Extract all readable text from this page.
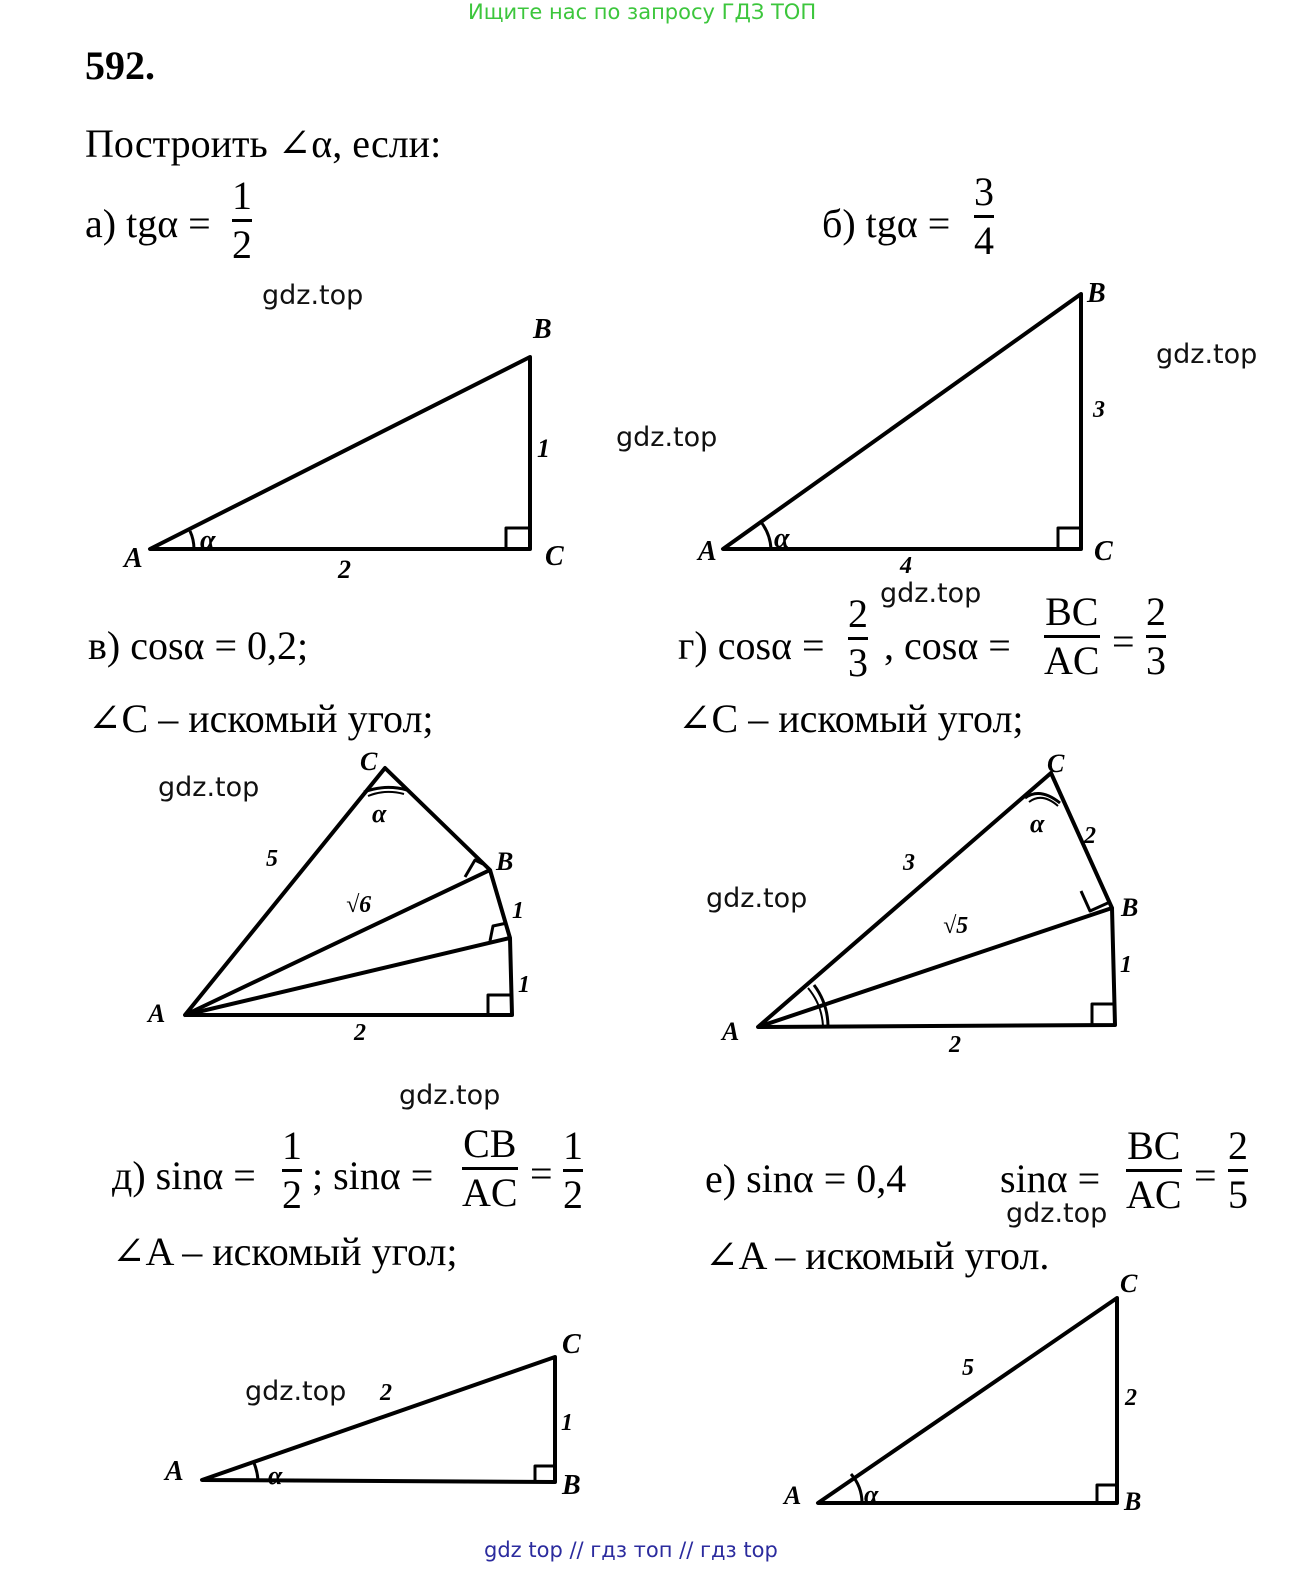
Ищите нас по запросу ГДЗ ТОП
592.
Построить ∠α, если:
а) tgα =
1
2	б) tgα =
3
4
в) cosα = 0,2;
∠C – искомый угол;
г) cosα =
2
3 , cosα =
BC
AC =
2
3
∠C – искомый угол;
д) sinα =
1
2 ; sinα =
CB
AC =
1
2
∠A – искомый угол;
е) sinα = 0,4 sinα =
BC
AC =
2
5
∠A – искомый угол.
gdz.top
gdz.top
gdz.top
gdz.top
gdz.top
gdz.top
gdz.top
gdz.top
gdz.top
A
B
C
α
2
1
A
B
C
α
4
3
A
C
B
α
5
√6	1
1
2	A
C
B
α
3
2
√5
1
2
A
C
B
α
2
1
A
C
B
α
5
2
gdz top // гдз топ // гдз top
